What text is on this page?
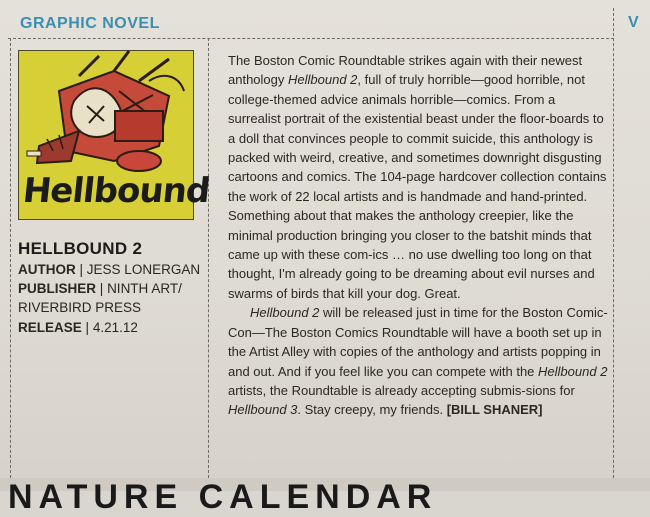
GRAPHIC NOVEL	V
Hellbound
HELLBOUND 2
AUTHOR | JESS LONERGAN
PUBLISHER | NINTH ART/
RIVERBIRD PRESS
RELEASE | 4.21.12

The Boston Comic Roundtable strikes again with their newest anthology Hellbound 2, full of truly horrible—good horrible, not college-themed advice animals horrible—comics. From a surrealist portrait of the existential beast under the floor-boards to a doll that convinces people to commit suicide, this anthology is packed with weird, creative, and sometimes downright disgusting cartoons and comics. The 104-page hardcover collection contains the work of 22 local artists and is handmade and hand-printed. Something about that makes the anthology creepier, like the minimal production bringing you closer to the batshit minds that came up with these com-ics … no use dwelling too long on that thought, I'm already going to be dreaming about evil nurses and swarms of birds that kill your dog. Great.

Hellbound 2 will be released just in time for the Boston Comic-Con—The Boston Comics Roundtable will have a booth set up in the Artist Alley with copies of the anthology and artists popping in and out. And if you feel like you can compete with the Hellbound 2 artists, the Roundtable is already accepting submis-sions for Hellbound 3. Stay creepy, my friends. [BILL SHANER]

NATURE CALENDAR
